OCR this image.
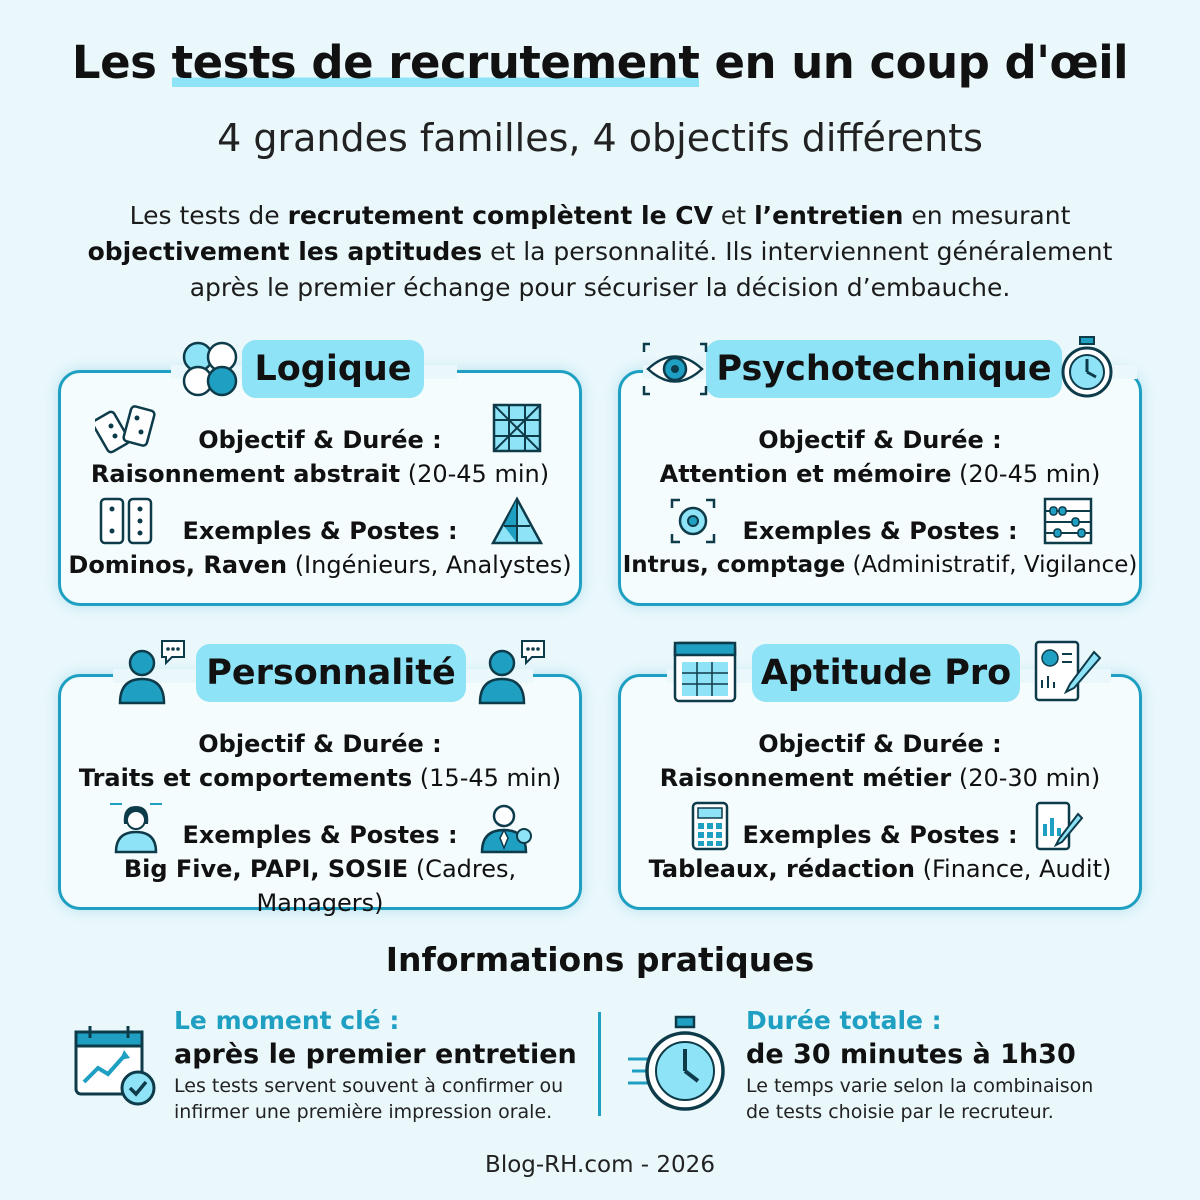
Les tests de recrutement en un coup d'œil
4 grandes familles, 4 objectifs différents
Les tests de recrutement complètent le CV et l’entretien en mesurant objectivement les aptitudes et la personnalité. Ils interviennent généralement après le premier échange pour sécuriser la décision d’embauche.
Objectif & Durée :
Raisonnement abstrait (20-45 min)
Exemples & Postes :
Dominos, Raven (Ingénieurs, Analystes)
Logique
Objectif & Durée :
Attention et mémoire (20-45 min)
Exemples & Postes :
Intrus, comptage (Administratif, Vigilance)
Psychotechnique
Objectif & Durée :
Traits et comportements (15-45 min)
Exemples & Postes :
Big Five, PAPI, SOSIE (Cadres, Managers)
Personnalité
Objectif & Durée :
Raisonnement métier (20-30 min)
Exemples & Postes :
Tableaux, rédaction (Finance, Audit)
Aptitude Pro
Informations pratiques
Le moment clé :
après le premier entretien
Les tests servent souvent à confirmer ou
infirmer une première impression orale.
Durée totale :
de 30 minutes à 1h30
Le temps varie selon la combinaison
de tests choisie par le recruteur.
Blog-RH.com - 2026
